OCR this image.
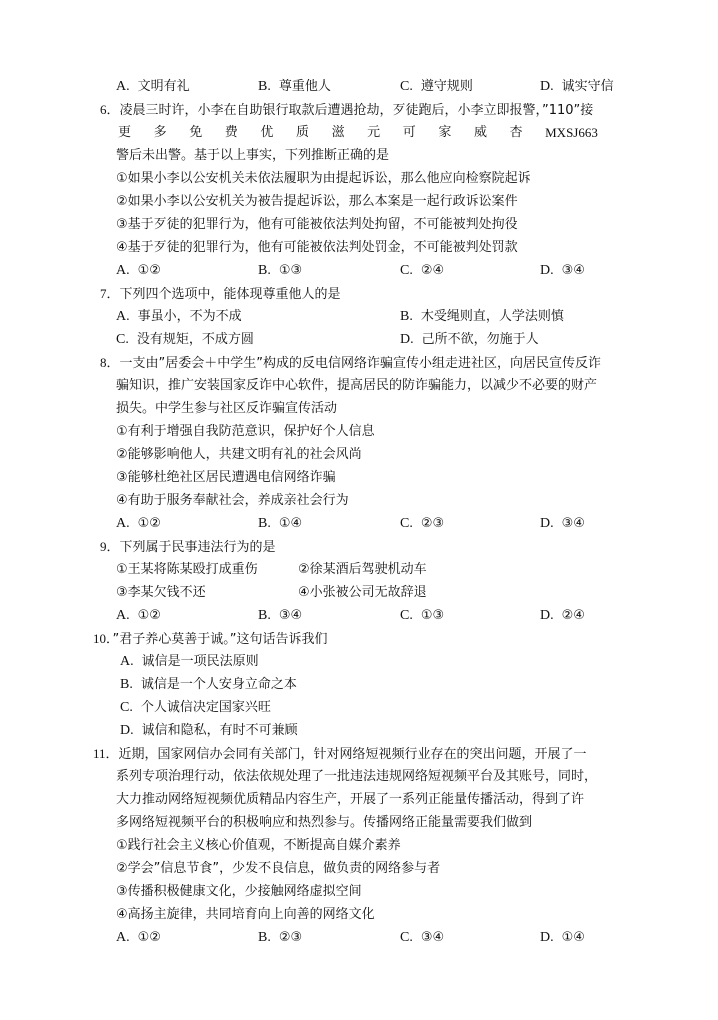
A. 文明有礼	B. 尊重他人	C. 遵守规则	D. 诚实守信
6．凌晨三时许，小李在自助银行取款后遭遇抢劫，歹徒跑后，小李立即报警，”110”接
更 多 免 费 优 质 滋 元 可 家 威 杏 MXSJ663
警后未出警。基于以上事实，下列推断正确的是
①如果小李以公安机关未依法履职为由提起诉讼，那么他应向检察院起诉
②如果小李以公安机关为被告提起诉讼，那么本案是一起行政诉讼案件
③基于歹徒的犯罪行为，他有可能被依法判处拘留，不可能被判处拘役
④基于歹徒的犯罪行为，他有可能被依法判处罚金，不可能被判处罚款
A. ①②	B. ①③	C. ②④	D. ③④
7．下列四个选项中，能体现尊重他人的是
A. 事虽小，不为不成	B. 木受绳则直，人学法则慎
C. 没有规矩，不成方圆	D. 己所不欲，勿施于人
8．一支由”居委会＋中学生”构成的反电信网络诈骗宣传小组走进社区，向居民宣传反诈
骗知识，推广安装国家反诈中心软件，提高居民的防诈骗能力，以减少不必要的财产
损失。中学生参与社区反诈骗宣传活动
①有利于增强自我防范意识，保护好个人信息
②能够影响他人，共建文明有礼的社会风尚
③能够杜绝社区居民遭遇电信网络诈骗
④有助于服务奉献社会，养成亲社会行为
A. ①②	B. ①④	C. ②③	D. ③④
9．下列属于民事违法行为的是
①王某将陈某殴打成重伤	②徐某酒后驾驶机动车
③李某欠钱不还	④小张被公司无故辞退
A. ①②	B. ③④	C. ①③	D. ②④
10．”君子养心莫善于诚。”这句话告诉我们
A. 诚信是一项民法原则
B. 诚信是一个人安身立命之本
C. 个人诚信决定国家兴旺
D. 诚信和隐私，有时不可兼顾
11．近期，国家网信办会同有关部门，针对网络短视频行业存在的突出问题，开展了一
系列专项治理行动，依法依规处理了一批违法违规网络短视频平台及其账号，同时，
大力推动网络短视频优质精品内容生产，开展了一系列正能量传播活动，得到了许
多网络短视频平台的积极响应和热烈参与。传播网络正能量需要我们做到
①践行社会主义核心价值观，不断提高自媒介素养
②学会”信息节食”，少发不良信息，做负责的网络参与者
③传播积极健康文化，少接触网络虚拟空间
④高扬主旋律，共同培育向上向善的网络文化
A. ①②	B. ②③	C. ③④	D. ①④
